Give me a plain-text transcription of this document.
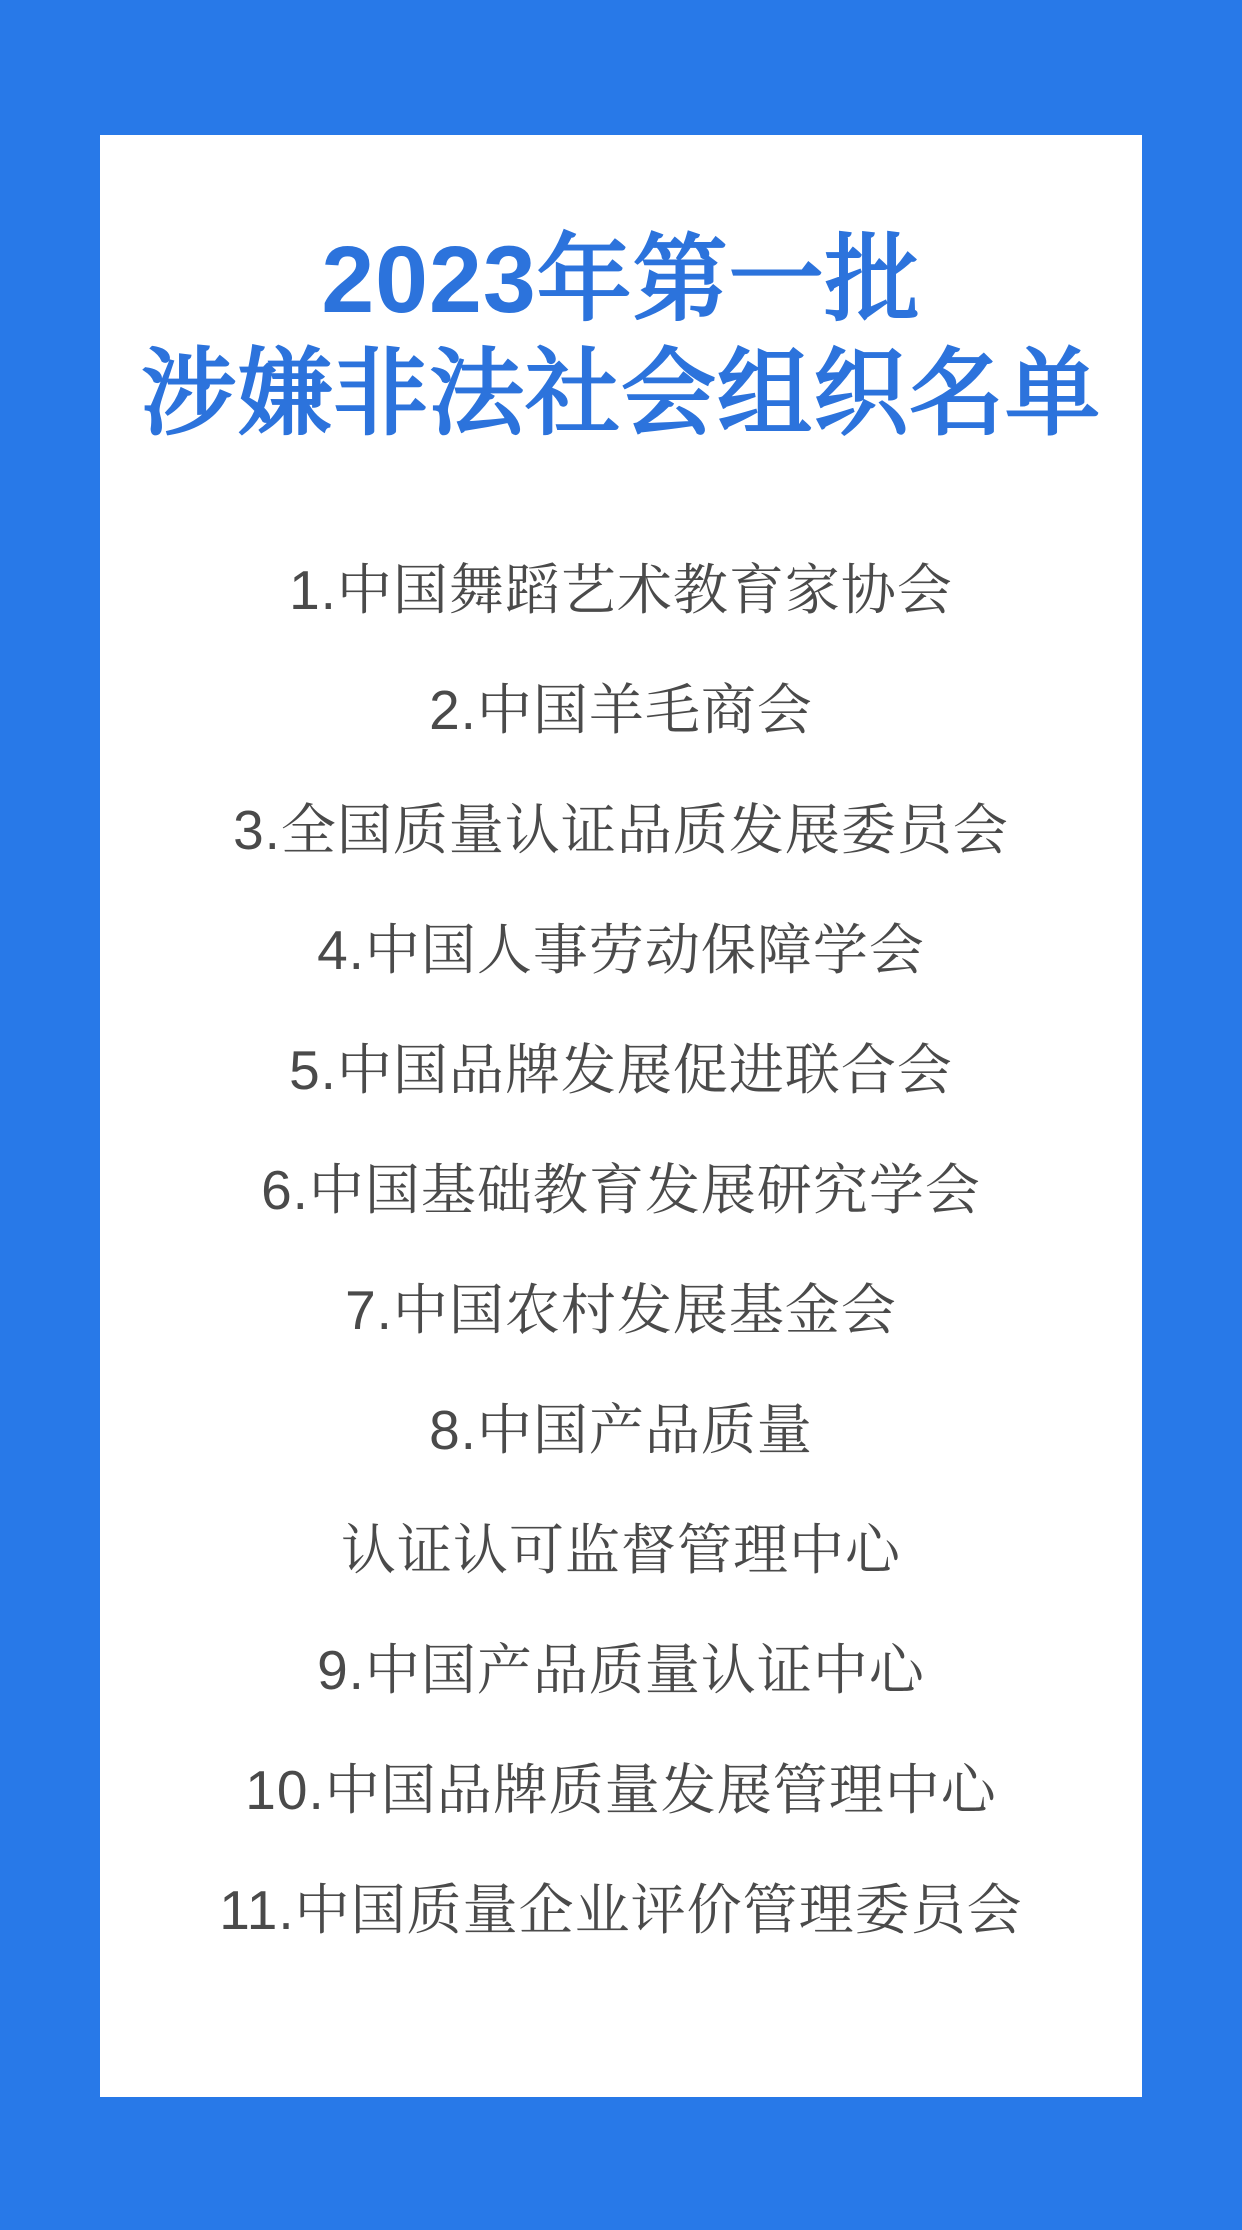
2023年第一批
涉嫌非法社会组织名单
1.中国舞蹈艺术教育家协会
2.中国羊毛商会
3.全国质量认证品质发展委员会
4.中国人事劳动保障学会
5.中国品牌发展促进联合会
6.中国基础教育发展研究学会
7.中国农村发展基金会
8.中国产品质量
认证认可监督管理中心
9.中国产品质量认证中心
10.中国品牌质量发展管理中心
11.中国质量企业评价管理委员会
